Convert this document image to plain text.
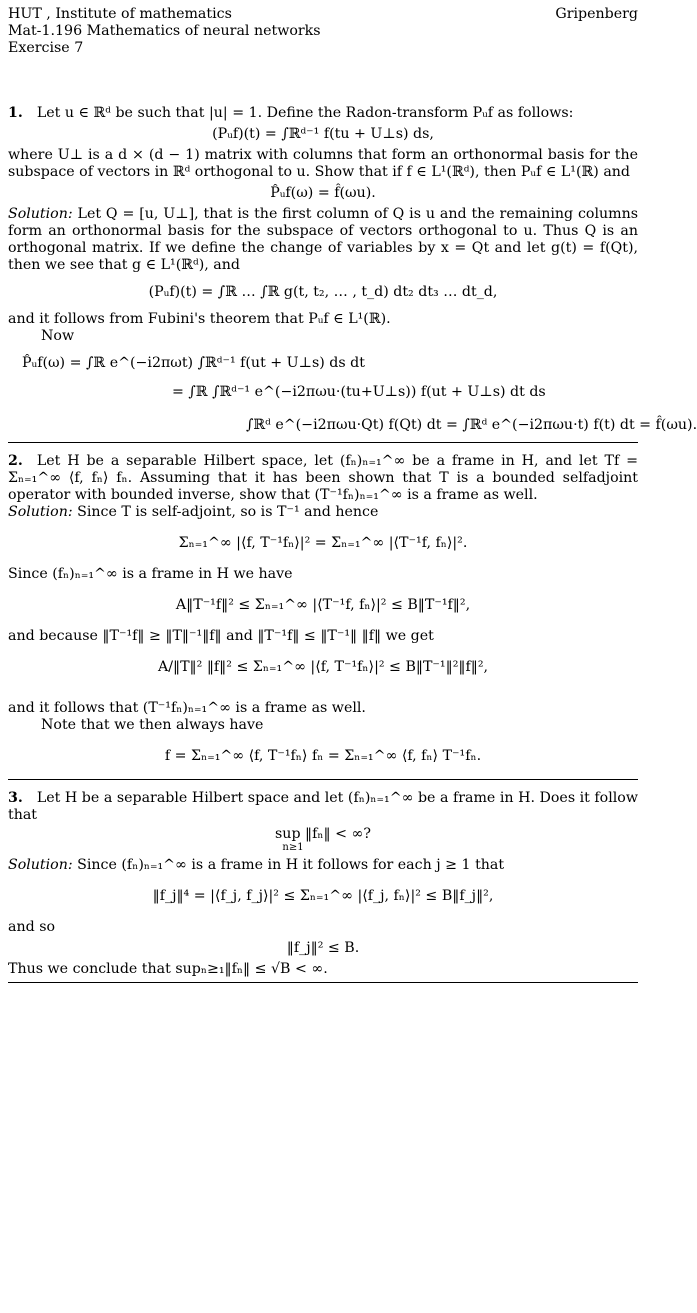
HUT , Institute of mathematics	Gripenberg
Mat-1.196 Mathematics of neural networks
Exercise 7

1. Let u ∈ ℝᵈ be such that |u| = 1. Define the Radon-transform Pᵤf as follows:

(Pᵤf)(t) = ∫ℝᵈ⁻¹ f(tu + U⊥s) ds,

where U⊥ is a d × (d − 1) matrix with columns that form an orthonormal basis for the subspace of vectors in ℝᵈ orthogonal to u. Show that if f ∈ L¹(ℝᵈ), then Pᵤf ∈ L¹(ℝ) and

P̂ᵤf(ω) = f̂(ωu).

Solution: Let Q = [u, U⊥], that is the first column of Q is u and the remaining columns form an orthonormal basis for the subspace of vectors orthogonal to u. Thus Q is an orthogonal matrix. If we define the change of variables by x = Qt and let g(t) = f(Qt), then we see that g ∈ L¹(ℝᵈ), and

(Pᵤf)(t) = ∫ℝ … ∫ℝ g(t, t₂, … , t_d) dt₂ dt₃ … dt_d,

and it follows from Fubini's theorem that Pᵤf ∈ L¹(ℝ).

Now

P̂ᵤf(ω) = ∫ℝ e^(−i2πωt) ∫ℝᵈ⁻¹ f(ut + U⊥s) ds dt
= ∫ℝ ∫ℝᵈ⁻¹ e^(−i2πωu·(tu+U⊥s)) f(ut + U⊥s) dt ds
∫ℝᵈ e^(−i2πωu·Qt) f(Qt) dt = ∫ℝᵈ e^(−i2πωu·t) f(t) dt = f̂(ωu).

2. Let H be a separable Hilbert space, let (fₙ)ₙ₌₁^∞ be a frame in H, and let Tf = Σₙ₌₁^∞ ⟨f, fₙ⟩ fₙ. Assuming that it has been shown that T is a bounded selfadjoint operator with bounded inverse, show that (T⁻¹fₙ)ₙ₌₁^∞ is a frame as well.

Solution: Since T is self-adjoint, so is T⁻¹ and hence

Σₙ₌₁^∞ |⟨f, T⁻¹fₙ⟩|² = Σₙ₌₁^∞ |⟨T⁻¹f, fₙ⟩|².

Since (fₙ)ₙ₌₁^∞ is a frame in H we have

A‖T⁻¹f‖² ≤ Σₙ₌₁^∞ |⟨T⁻¹f, fₙ⟩|² ≤ B‖T⁻¹f‖²,

and because ‖T⁻¹f‖ ≥ ‖T‖⁻¹‖f‖ and ‖T⁻¹f‖ ≤ ‖T⁻¹‖ ‖f‖ we get

A/‖T‖² ‖f‖² ≤ Σₙ₌₁^∞ |⟨f, T⁻¹fₙ⟩|² ≤ B‖T⁻¹‖²‖f‖²,

and it follows that (T⁻¹fₙ)ₙ₌₁^∞ is a frame as well.

Note that we then always have

f = Σₙ₌₁^∞ ⟨f, T⁻¹fₙ⟩ fₙ = Σₙ₌₁^∞ ⟨f, fₙ⟩ T⁻¹fₙ.

3. Let H be a separable Hilbert space and let (fₙ)ₙ₌₁^∞ be a frame in H. Does it follow that

sup ‖fₙ‖ < ∞?
n≥1

Solution: Since (fₙ)ₙ₌₁^∞ is a frame in H it follows for each j ≥ 1 that

‖f_j‖⁴ = |⟨f_j, f_j⟩|² ≤ Σₙ₌₁^∞ |⟨f_j, fₙ⟩|² ≤ B‖f_j‖²,

and so

‖f_j‖² ≤ B.

Thus we conclude that supₙ≥₁‖fₙ‖ ≤ √B < ∞.
